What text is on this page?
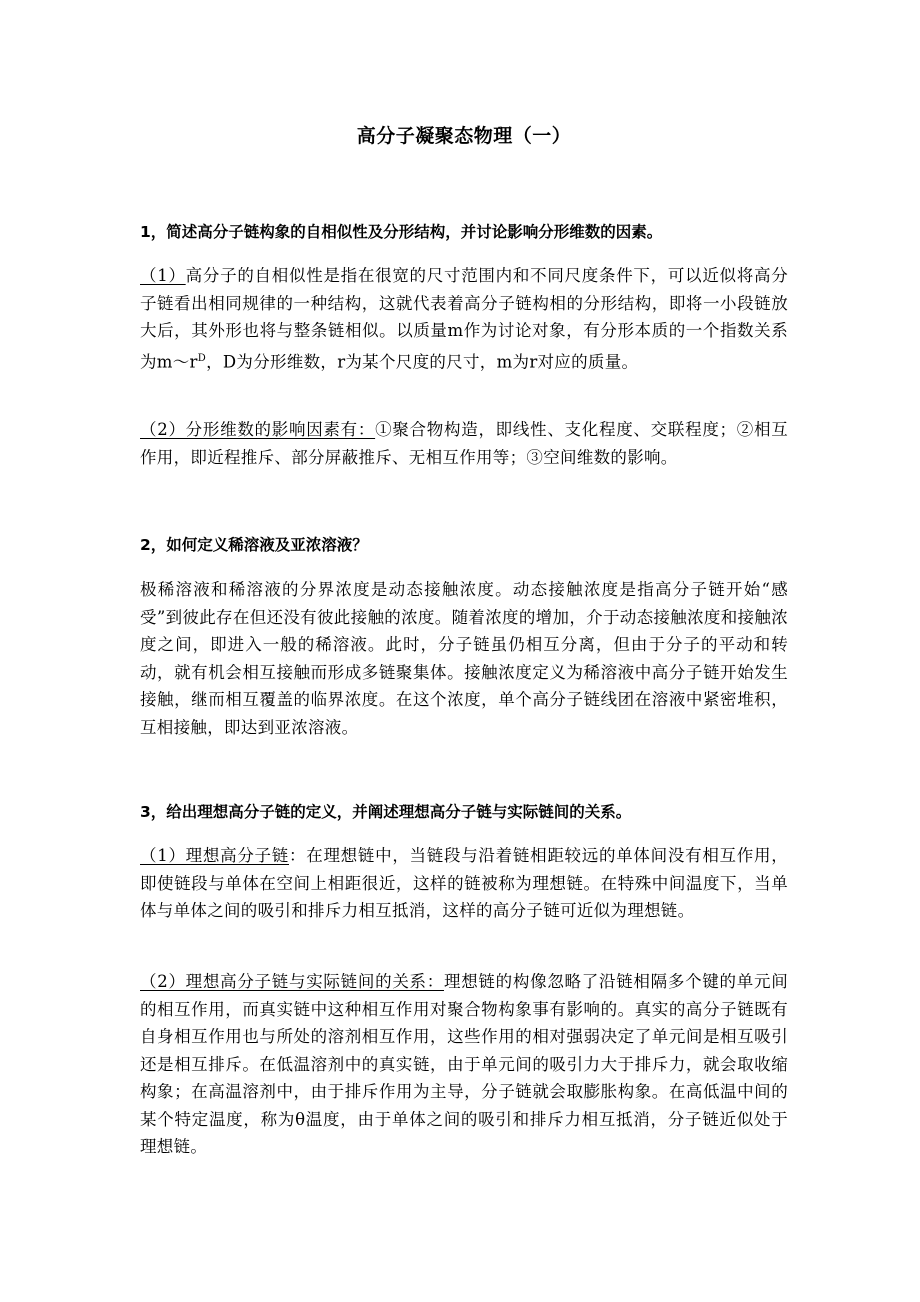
高分子凝聚态物理（一）
1，简述高分子链构象的自相似性及分形结构，并讨论影响分形维数的因素。
（1）高分子的自相似性是指在很宽的尺寸范围内和不同尺度条件下，可以近似将高分子链看出相同规律的一种结构，这就代表着高分子链构相的分形结构，即将一小段链放大后，其外形也将与整条链相似。以质量m作为讨论对象，有分形本质的一个指数关系为$m\sim r^D$，D为分形维数，r为某个尺度的尺寸，m为r对应的质量。
（2）分形维数的影响因素有：①聚合物构造，即线性、支化程度、交联程度；②相互作用，即近程推斥、部分屏蔽推斥、无相互作用等；③空间维数的影响。
2，如何定义稀溶液及亚浓溶液？
极稀溶液和稀溶液的分界浓度是动态接触浓度。动态接触浓度是指高分子链开始“感受”到彼此存在但还没有彼此接触的浓度。随着浓度的增加，介于动态接触浓度和接触浓度之间，即进入一般的稀溶液。此时，分子链虽仍相互分离，但由于分子的平动和转动，就有机会相互接触而形成多链聚集体。接触浓度定义为稀溶液中高分子链开始发生接触，继而相互覆盖的临界浓度。在这个浓度，单个高分子链线团在溶液中紧密堆积，互相接触，即达到亚浓溶液。
3，给出理想高分子链的定义，并阐述理想高分子链与实际链间的关系。
（1）理想高分子链：在理想链中，当链段与沿着链相距较远的单体间没有相互作用，即使链段与单体在空间上相距很近，这样的链被称为理想链。在特殊中间温度下，当单体与单体之间的吸引和排斥力相互抵消，这样的高分子链可近似为理想链。
（2）理想高分子链与实际链间的关系：理想链的构像忽略了沿链相隔多个键的单元间的相互作用，而真实链中这种相互作用对聚合物构象事有影响的。真实的高分子链既有自身相互作用也与所处的溶剂相互作用，这些作用的相对强弱决定了单元间是相互吸引还是相互排斥。在低温溶剂中的真实链，由于单元间的吸引力大于排斥力，就会取收缩构象；在高温溶剂中，由于排斥作用为主导，分子链就会取膨胀构象。在高低温中间的某个特定温度，称为θ温度，由于单体之间的吸引和排斥力相互抵消，分子链近似处于理想链。
